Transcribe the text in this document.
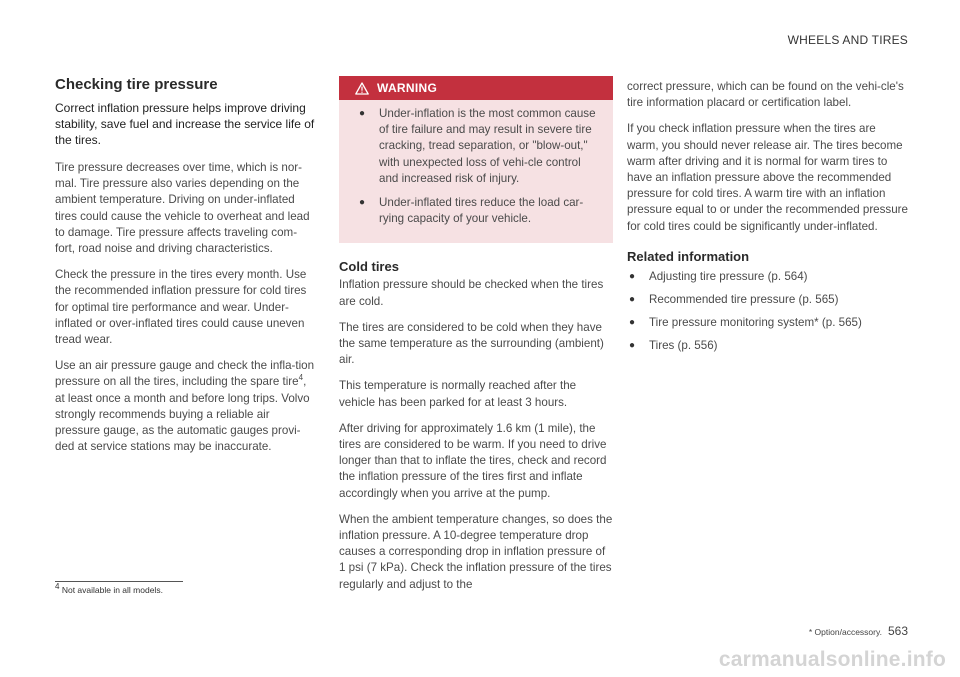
WHEELS AND TIRES
Checking tire pressure

Correct inflation pressure helps improve driving stability, save fuel and increase the service life of the tires.

Tire pressure decreases over time, which is nor-mal. Tire pressure also varies depending on the ambient temperature. Driving on under-inflated tires could cause the vehicle to overheat and lead to damage. Tire pressure affects traveling com-fort, road noise and driving characteristics.

Check the pressure in the tires every month. Use the recommended inflation pressure for cold tires for optimal tire performance and wear. Under-inflated or over-inflated tires could cause uneven tread wear.

Use an air pressure gauge and check the infla-tion pressure on all the tires, including the spare tire$^4$, at least once a month and before long trips. Volvo strongly recommends buying a reliable air pressure gauge, as the automatic gauges provi-ded at service stations may be inaccurate.

WARNING
●	Under-inflation is the most common cause of tire failure and may result in severe tire cracking, tread separation, or "blow-out," with unexpected loss of vehi-cle control and increased risk of injury.
●	Under-inflated tires reduce the load car-rying capacity of your vehicle.
Cold tires

Inflation pressure should be checked when the tires are cold.

The tires are considered to be cold when they have the same temperature as the surrounding (ambient) air.

This temperature is normally reached after the vehicle has been parked for at least 3 hours.

After driving for approximately 1.6 km (1 mile), the tires are considered to be warm. If you need to drive longer than that to inflate the tires, check and record the inflation pressure of the tires first and inflate accordingly when you arrive at the pump.

When the ambient temperature changes, so does the inflation pressure. A 10-degree temperature drop causes a corresponding drop in inflation pressure of 1 psi (7 kPa). Check the inflation pressure of the tires regularly and adjust to the

correct pressure, which can be found on the vehi-cle's tire information placard or certification label.

If you check inflation pressure when the tires are warm, you should never release air. The tires become warm after driving and it is normal for warm tires to have an inflation pressure above the recommended pressure for cold tires. A warm tire with an inflation pressure equal to or under the recommended pressure for cold tires could be significantly under-inflated.

Related information
●	Adjusting tire pressure (p. 564)
●	Recommended tire pressure (p. 565)
●	Tire pressure monitoring system* (p. 565)
●	Tires (p. 556)
$^4$ Not available in all models.
* Option/accessory. 563
carmanualsonline.info
